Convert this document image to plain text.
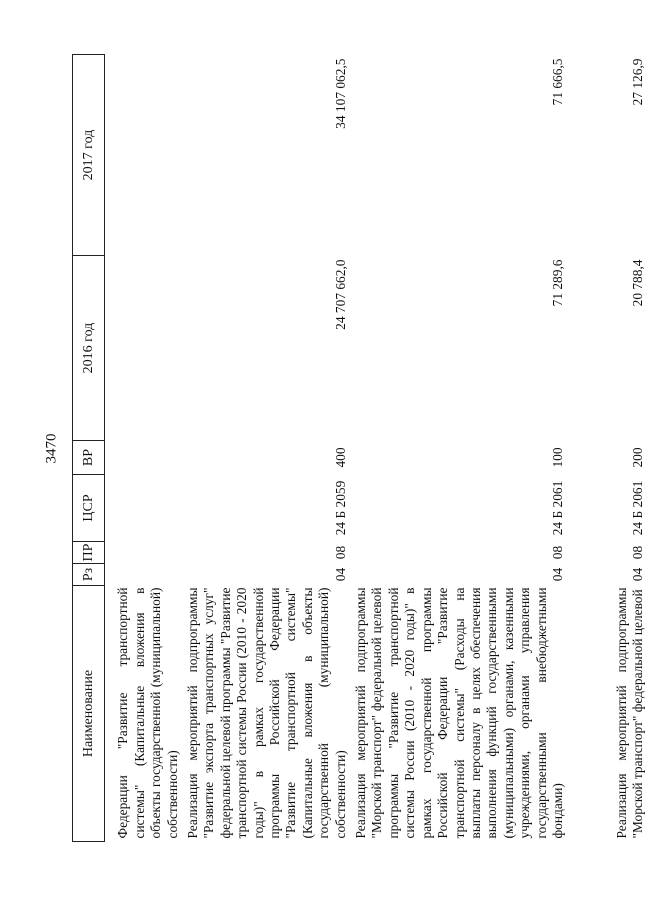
3470
Наименование	Рз	ПР	ЦСР	ВР	2016 год	2017 год
Федерации "Развитие транспортной системы" (Капитальные вложения в объекты государственной (муниципальной) собственности)						
Реализация мероприятий подпрограммы "Развитие экспорта транспортных услуг" федеральной целевой программы "Развитие транспортной системы России (2010 - 2020 годы)" в рамках государственной программы Российской Федерации "Развитие транспортной системы" (Капитальные вложения в объекты государственной (муниципальной) собственности)	04	08	24 Б 2059	400	24 707 662,0	34 107 062,5
Реализация мероприятий подпрограммы "Морской транспорт" федеральной целевой программы "Развитие транспортной системы России (2010 - 2020 годы)" в рамках государственной программы Российской Федерации "Развитие транспортной системы" (Расходы на выплаты персоналу в целях обеспечения выполнения функций государственными (муниципальными) органами, казенными учреждениями, органами управления государственными внебюджетными фондами)	04	08	24 Б 2061	100	71 289,6	71 666,5
Реализация мероприятий подпрограммы "Морской транспорт" федеральной целевой	04	08	24 Б 2061	200	20 788,4	27 126,9
